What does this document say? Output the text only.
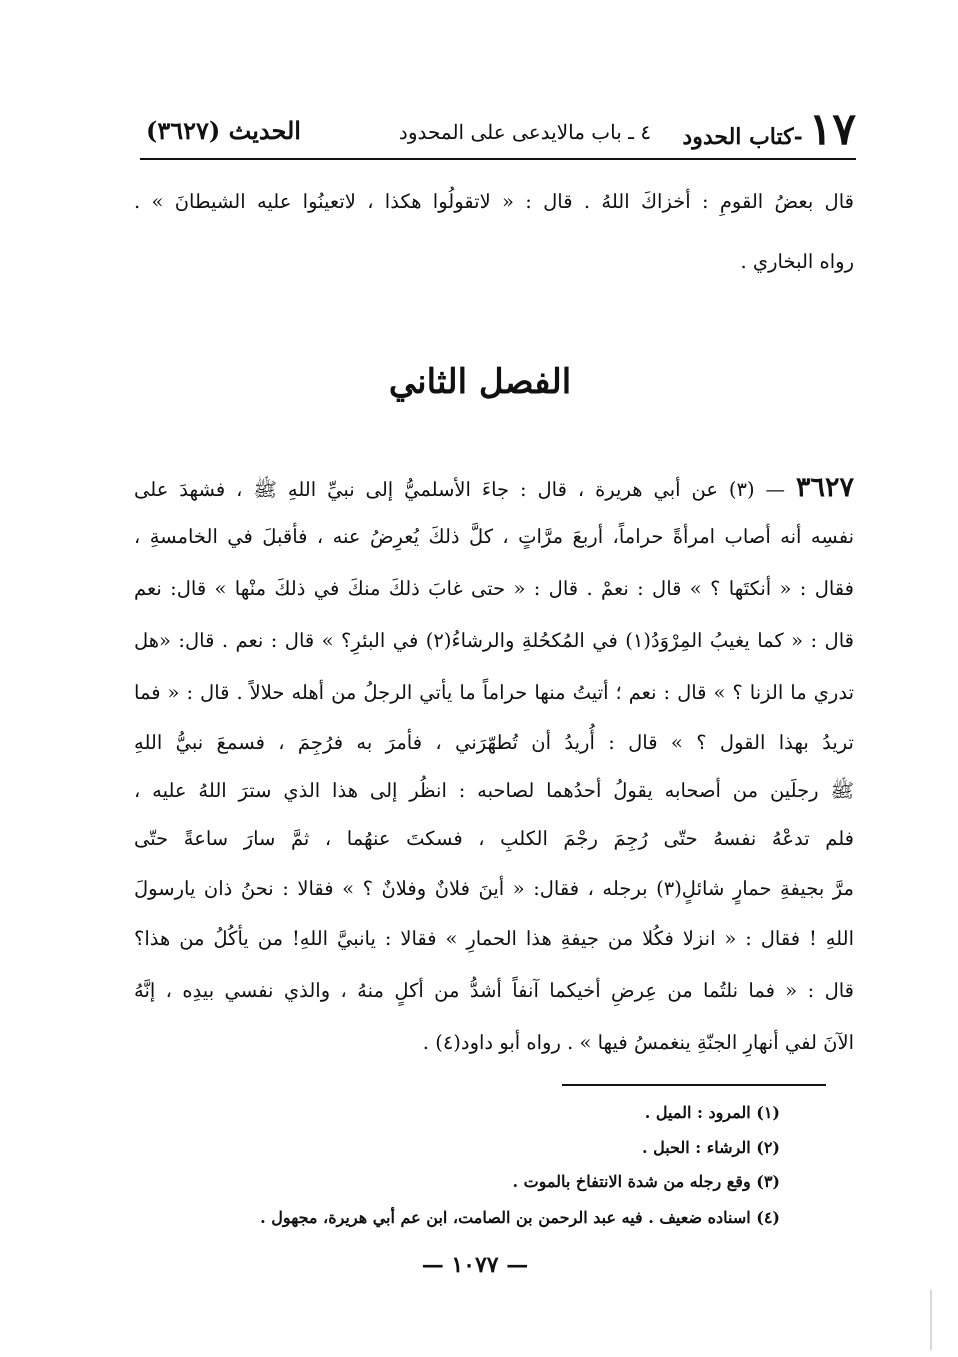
١٧
-كتاب الحدود
٤ ـ باب مالايدعى على المحدود
الحديث (٣٦٢٧)
قال بعضُ القومِ : أخزاكَ اللهُ . قال : « لاتقولُوا هكذا ، لاتعينُوا عليه الشيطانَ » .
رواه البخاري .
الفصل الثاني
٣٦٢٧ — (٣) عن أبي هريرة ، قال : جاءَ الأسلميُّ إلى نبيِّ اللهِ ﷺ ، فشهدَ على
نفسِه أنه أصاب امرأةً حراماً، أربعَ مرَّاتٍ ، كلَّ ذلكَ يُعرِضُ عنه ، فأقبلَ في الخامسةِ ،
فقال : « أنكتَها ؟ » قال : نعمْ . قال : « حتى غابَ ذلكَ منكَ في ذلكَ منْها » قال: نعم
قال : « كما يغيبُ المِرْوَدُ(١) في المُكحُلةِ والرشاءُ(٢) في البئرِ؟ » قال : نعم . قال: «هل
تدري ما الزنا ؟ » قال : نعم ؛ أتيتُ منها حراماً ما يأتي الرجلُ من أهله حلالاً . قال : « فما
تريدُ بهذا القول ؟ » قال : أُريدُ أن تُطهّرَني ، فأمرَ به فرُجِمَ ، فسمعَ نبيُّ اللهِ
ﷺ رجلَين من أصحابه يقولُ أحدُهما لصاحبه : انظُر إلى هذا الذي سترَ اللهُ عليه ،
فلم تدعْهُ نفسهُ حتّى رُجِمَ رجْمَ الكلبِ ، فسكتَ عنهُما ، ثمَّ سارَ ساعةً حتّى
مرَّ بجيفةِ حمارٍ شائلٍ(٣) برجله ، فقال: « أينَ فلانٌ وفلانٌ ؟ » فقالا : نحنُ ذان يارسولَ
اللهِ ! فقال : « انزلا فكُلا من جيفةِ هذا الحمارِ » فقالا : يانبيَّ اللهِ! من يأكُلُ من هذا؟
قال : « فما نلتُما من عِرضِ أخيكما آنفاً أشدُّ من أكلٍ منهُ ، والذي نفسي بيدِه ، إنَّهُ
الآنَ لفي أنهارِ الجنّةِ ينغمسُ فيها » . رواه أبو داود(٤) .
(١) المرود : الميل .
(٢) الرشاء : الحبل .
(٣) وقع رجله من شدة الانتفاخ بالموت .
(٤) اسناده ضعيف . فيه عبد الرحمن بن الصامت، ابن عم أبي هريرة، مجهول .
— ١٠٧٧ —
